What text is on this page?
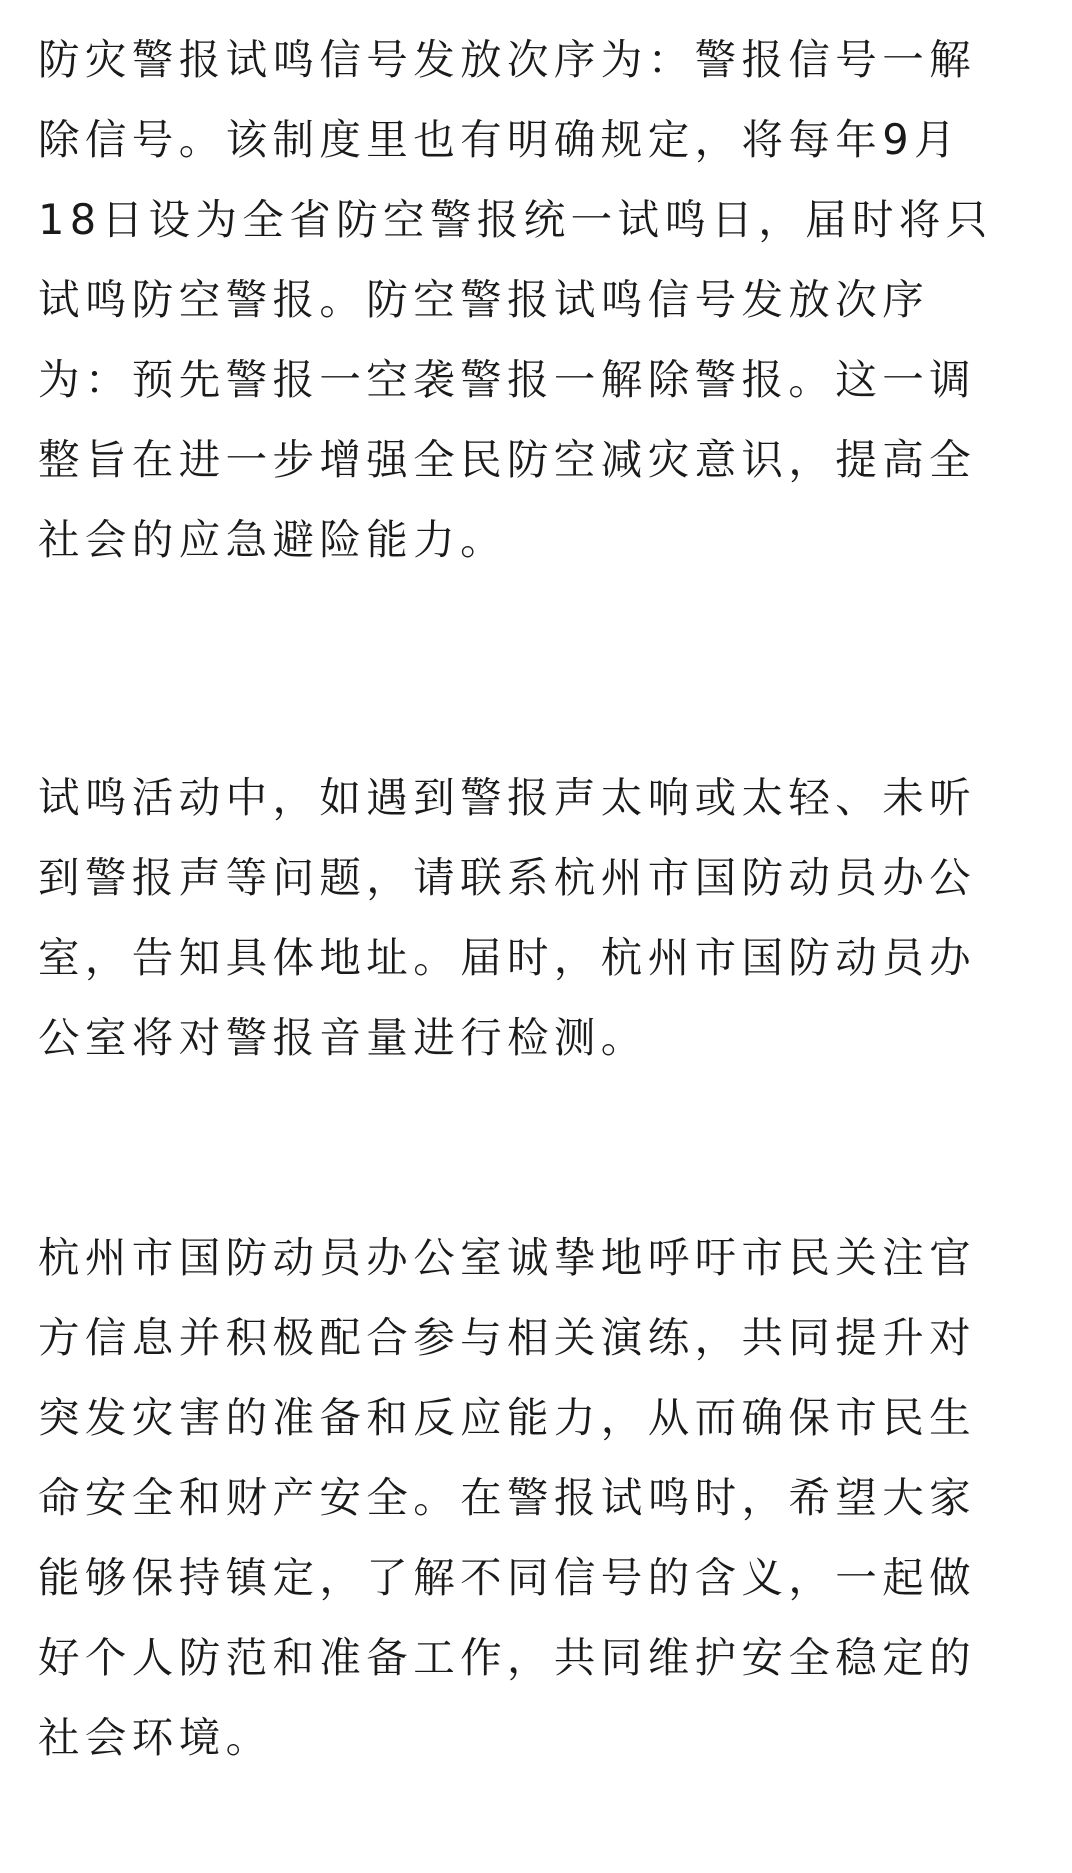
防灾警报试鸣信号发放次序为：警报信号一解
除信号。该制度里也有明确规定，将每年9月
18日设为全省防空警报统一试鸣日，届时将只
试鸣防空警报。防空警报试鸣信号发放次序
为：预先警报一空袭警报一解除警报。这一调
整旨在进一步增强全民防空减灾意识，提高全
社会的应急避险能力。
试鸣活动中，如遇到警报声太响或太轻、未听
到警报声等问题，请联系杭州市国防动员办公
室，告知具体地址。届时，杭州市国防动员办
公室将对警报音量进行检测。
杭州市国防动员办公室诚挚地呼吁市民关注官
方信息并积极配合参与相关演练，共同提升对
突发灾害的准备和反应能力，从而确保市民生
命安全和财产安全。在警报试鸣时，希望大家
能够保持镇定，了解不同信号的含义，一起做
好个人防范和准备工作，共同维护安全稳定的
社会环境。
